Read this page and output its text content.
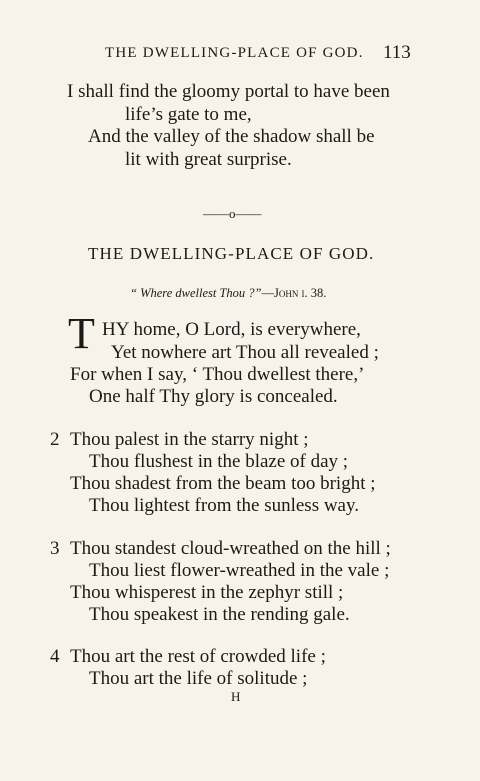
THE DWELLING-PLACE OF GOD. 113
I shall find the gloomy portal to have been
life’s gate to me,
And the valley of the shadow shall be
lit with great surprise.
——o——
THE DWELLING-PLACE OF GOD.
“ Where dwellest Thou ?”—John i. 38.
T HY home, O Lord, is everywhere,
Yet nowhere art Thou all revealed ;
For when I say, ‘ Thou dwellest there,’
One half Thy glory is concealed.
2 Thou palest in the starry night ;
Thou flushest in the blaze of day ;
Thou shadest from the beam too bright ;
Thou lightest from the sunless way.
3 Thou standest cloud-wreathed on the hill ;
Thou liest flower-wreathed in the vale ;
Thou whisperest in the zephyr still ;
Thou speakest in the rending gale.
4 Thou art the rest of crowded life ;
Thou art the life of solitude ;
H
